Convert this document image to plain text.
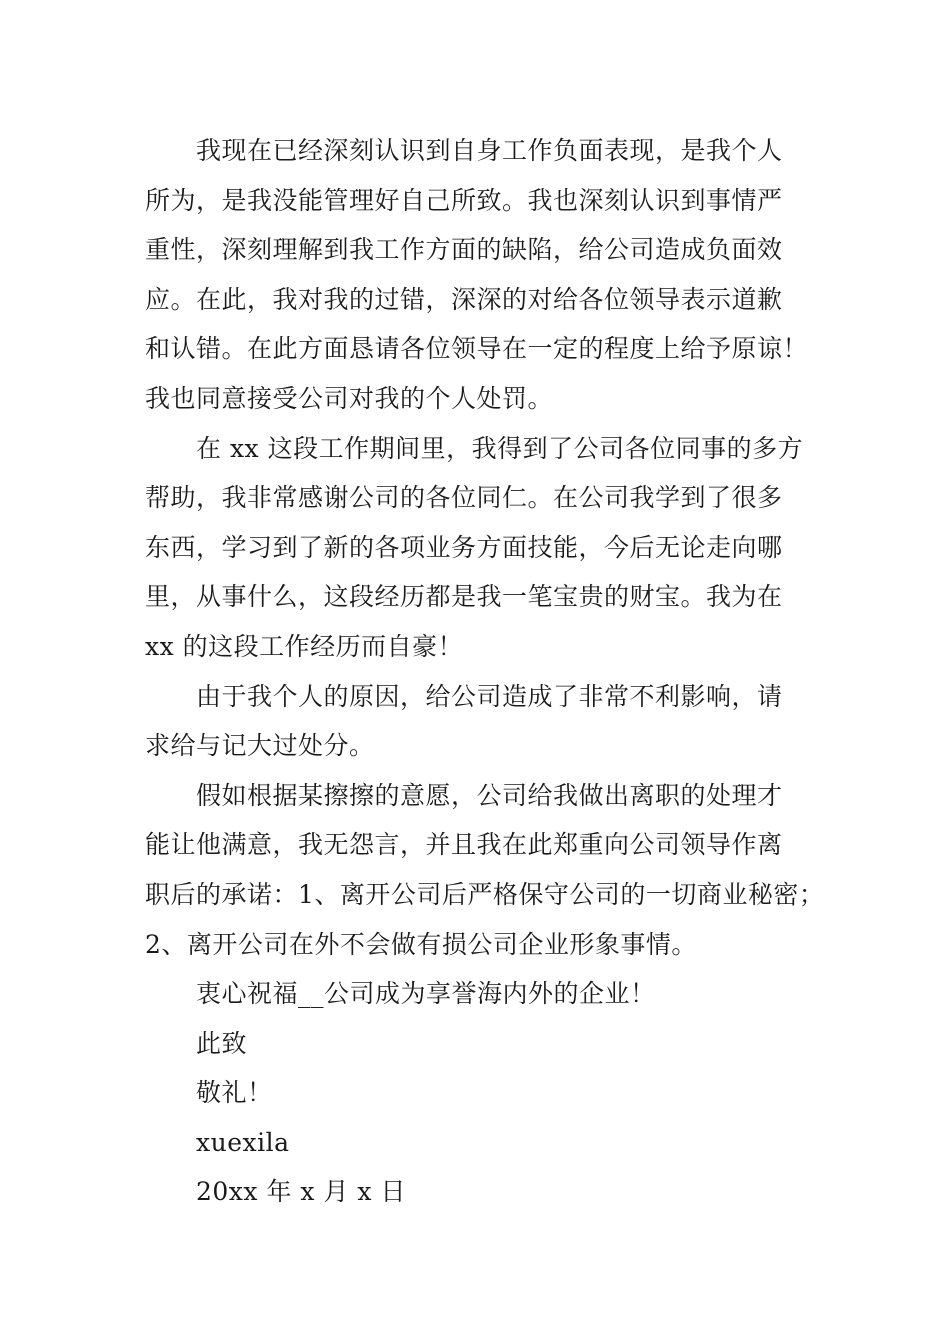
我现在已经深刻认识到自身工作负面表现，是我个人
所为，是我没能管理好自己所致。我也深刻认识到事情严
重性，深刻理解到我工作方面的缺陷，给公司造成负面效
应。在此，我对我的过错，深深的对给各位领导表示道歉
和认错。在此方面恳请各位领导在一定的程度上给予原谅！
我也同意接受公司对我的个人处罚。
在 xx 这段工作期间里，我得到了公司各位同事的多方
帮助，我非常感谢公司的各位同仁。在公司我学到了很多
东西，学习到了新的各项业务方面技能，今后无论走向哪
里，从事什么，这段经历都是我一笔宝贵的财宝。我为在
xx 的这段工作经历而自豪！
由于我个人的原因，给公司造成了非常不利影响，请
求给与记大过处分。
假如根据某擦擦的意愿，公司给我做出离职的处理才
能让他满意，我无怨言，并且我在此郑重向公司领导作离
职后的承诺：1、离开公司后严格保守公司的一切商业秘密；
2、离开公司在外不会做有损公司企业形象事情。
衷心祝福__公司成为享誉海内外的企业！
此致
敬礼！
xuexila
20xx 年 x 月 x 日
